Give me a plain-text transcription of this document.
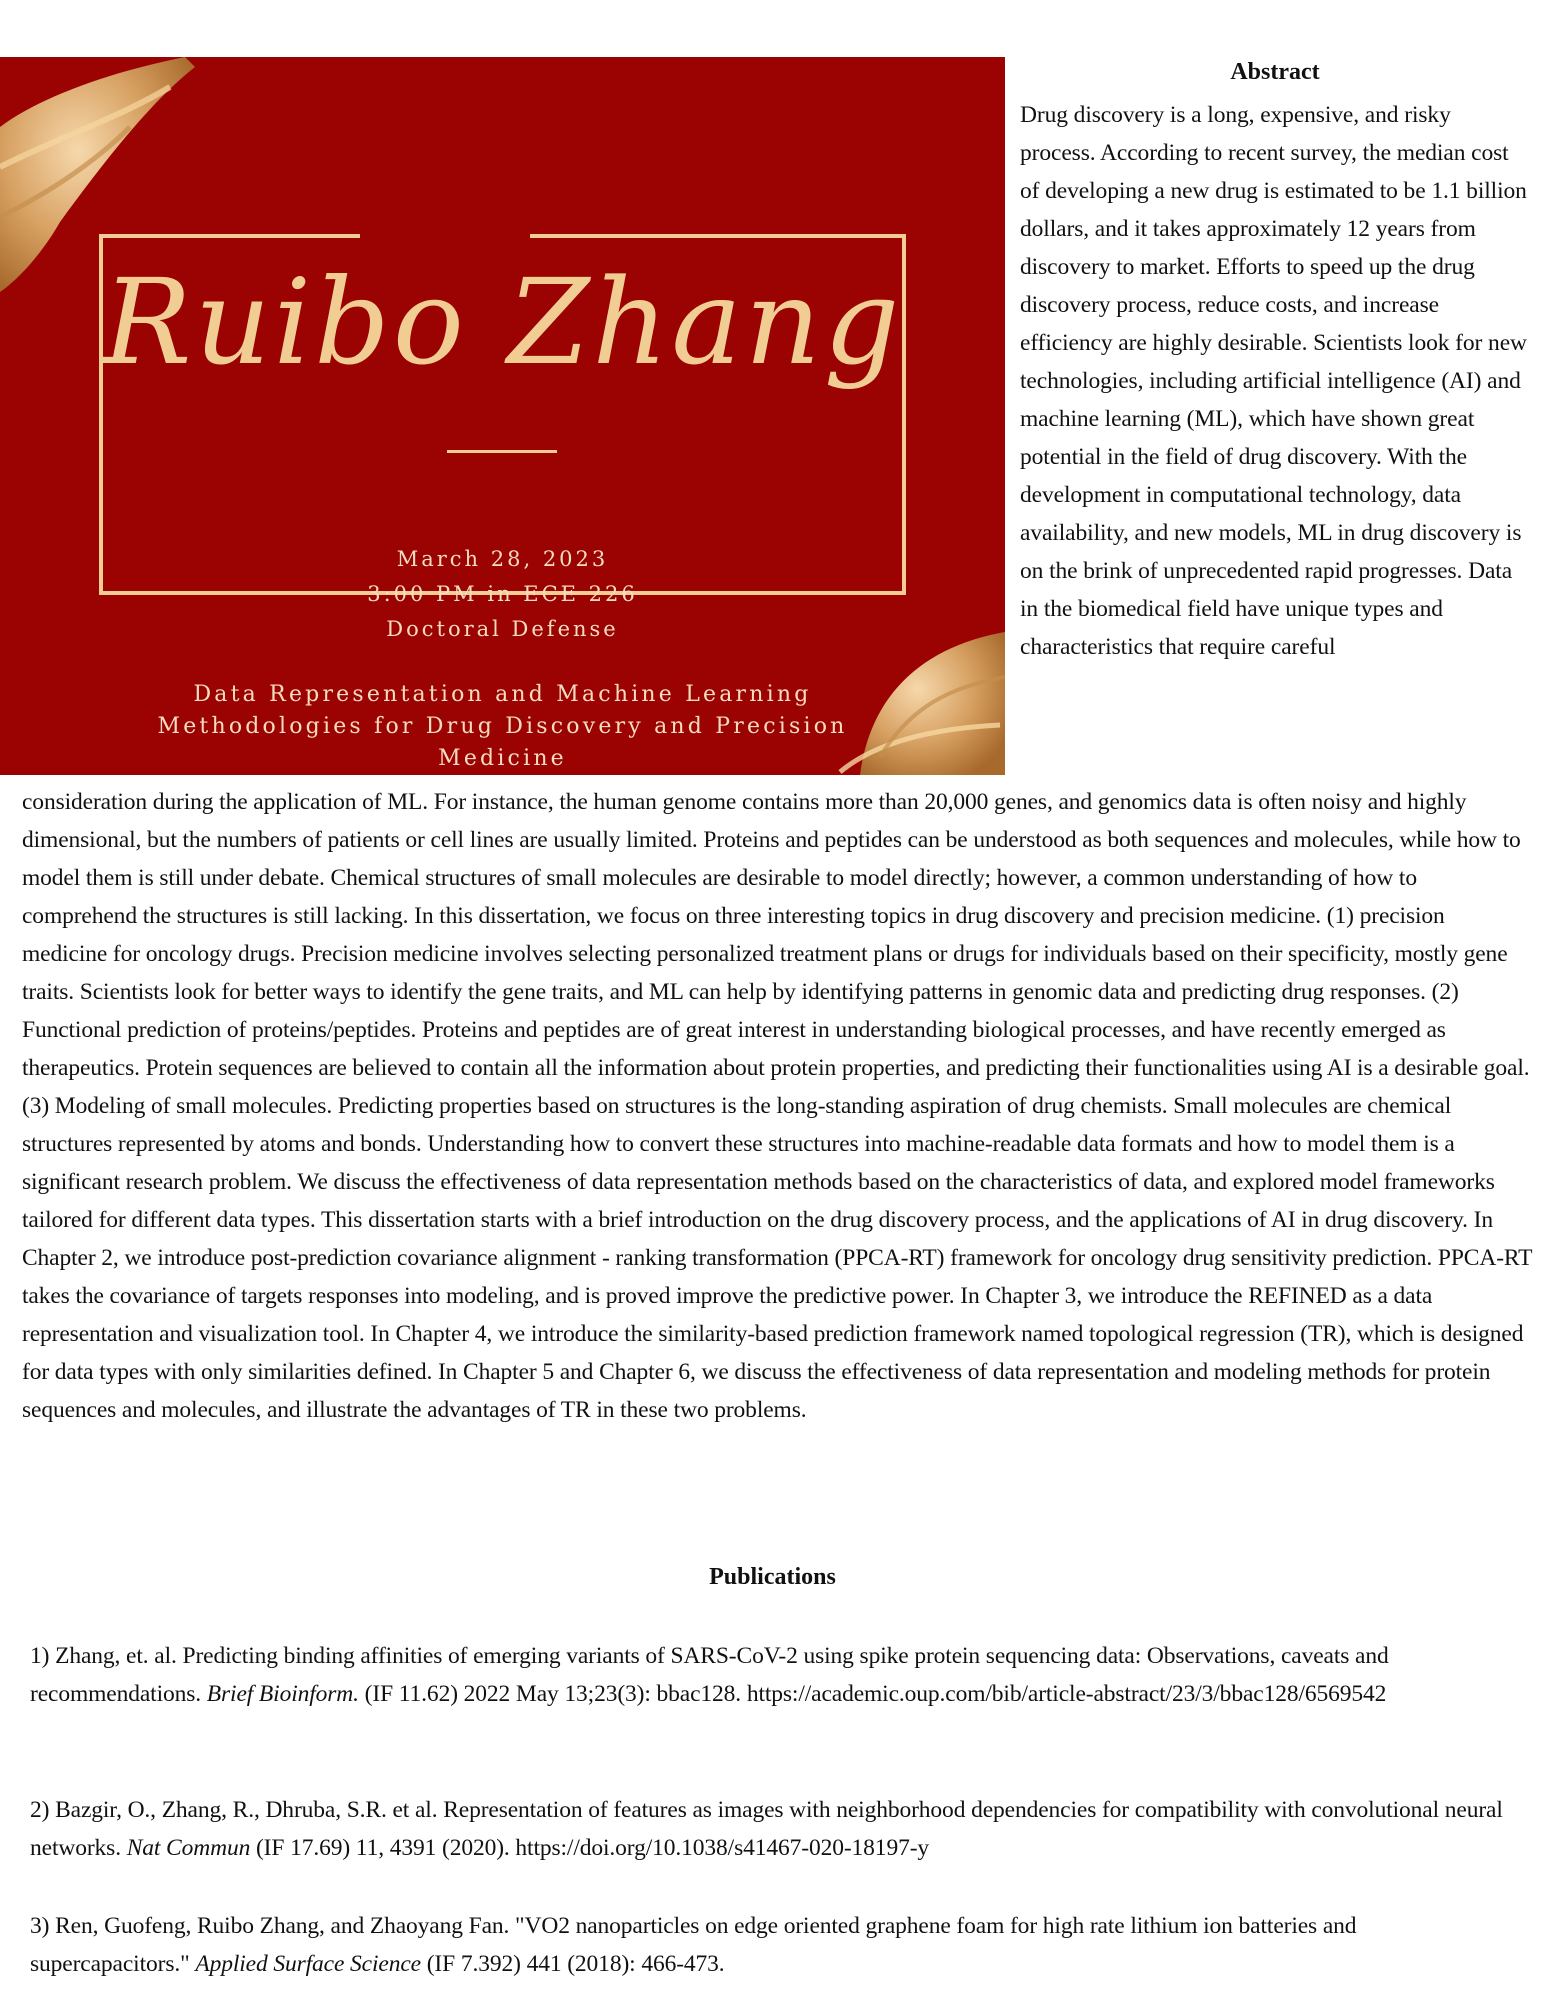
Ruibo Zhang
March 28, 2023
3:00 PM in ECE 226
Doctoral Defense
Data Representation and Machine Learning Methodologies for Drug Discovery and Precision Medicine
Abstract
Drug discovery is a long, expensive, and risky process. According to recent survey, the median cost of developing a new drug is estimated to be 1.1 billion dollars, and it takes approximately 12 years from discovery to market. Efforts to speed up the drug discovery process, reduce costs, and increase efficiency are highly desirable. Scientists look for new technologies, including artificial intelligence (AI) and machine learning (ML), which have shown great potential in the field of drug discovery. With the development in computational technology, data availability, and new models, ML in drug discovery is on the brink of unprecedented rapid progresses. Data in the biomedical field have unique types and characteristics that require careful
consideration during the application of ML. For instance, the human genome contains more than 20,000 genes, and genomics data is often noisy and highly dimensional, but the numbers of patients or cell lines are usually limited. Proteins and peptides can be understood as both sequences and molecules, while how to model them is still under debate. Chemical structures of small molecules are desirable to model directly; however, a common understanding of how to comprehend the structures is still lacking. In this dissertation, we focus on three interesting topics in drug discovery and precision medicine. (1) precision medicine for oncology drugs. Precision medicine involves selecting personalized treatment plans or drugs for individuals based on their specificity, mostly gene traits. Scientists look for better ways to identify the gene traits, and ML can help by identifying patterns in genomic data and predicting drug responses. (2) Functional prediction of proteins/peptides. Proteins and peptides are of great interest in understanding biological processes, and have recently emerged as therapeutics. Protein sequences are believed to contain all the information about protein properties, and predicting their functionalities using AI is a desirable goal. (3) Modeling of small molecules. Predicting properties based on structures is the long-standing aspiration of drug chemists. Small molecules are chemical structures represented by atoms and bonds. Understanding how to convert these structures into machine-readable data formats and how to model them is a significant research problem. We discuss the effectiveness of data representation methods based on the characteristics of data, and explored model frameworks tailored for different data types. This dissertation starts with a brief introduction on the drug discovery process, and the applications of AI in drug discovery. In Chapter 2, we introduce post-prediction covariance alignment - ranking transformation (PPCA-RT) framework for oncology drug sensitivity prediction. PPCA-RT takes the covariance of targets responses into modeling, and is proved improve the predictive power. In Chapter 3, we introduce the REFINED as a data representation and visualization tool. In Chapter 4, we introduce the similarity-based prediction framework named topological regression (TR), which is designed for data types with only similarities defined. In Chapter 5 and Chapter 6, we discuss the effectiveness of data representation and modeling methods for protein sequences and molecules, and illustrate the advantages of TR in these two problems.
Publications
1) Zhang, et. al. Predicting binding affinities of emerging variants of SARS-CoV-2 using spike protein sequencing data: Observations, caveats and recommendations. Brief Bioinform. (IF 11.62) 2022 May 13;23(3): bbac128. https://academic.oup.com/bib/article-abstract/23/3/bbac128/6569542
2) Bazgir, O., Zhang, R., Dhruba, S.R. et al. Representation of features as images with neighborhood dependencies for compatibility with convolutional neural networks. Nat Commun (IF 17.69) 11, 4391 (2020). https://doi.org/10.1038/s41467-020-18197-y
3) Ren, Guofeng, Ruibo Zhang, and Zhaoyang Fan. "VO2 nanoparticles on edge oriented graphene foam for high rate lithium ion batteries and supercapacitors." Applied Surface Science (IF 7.392) 441 (2018): 466-473.
